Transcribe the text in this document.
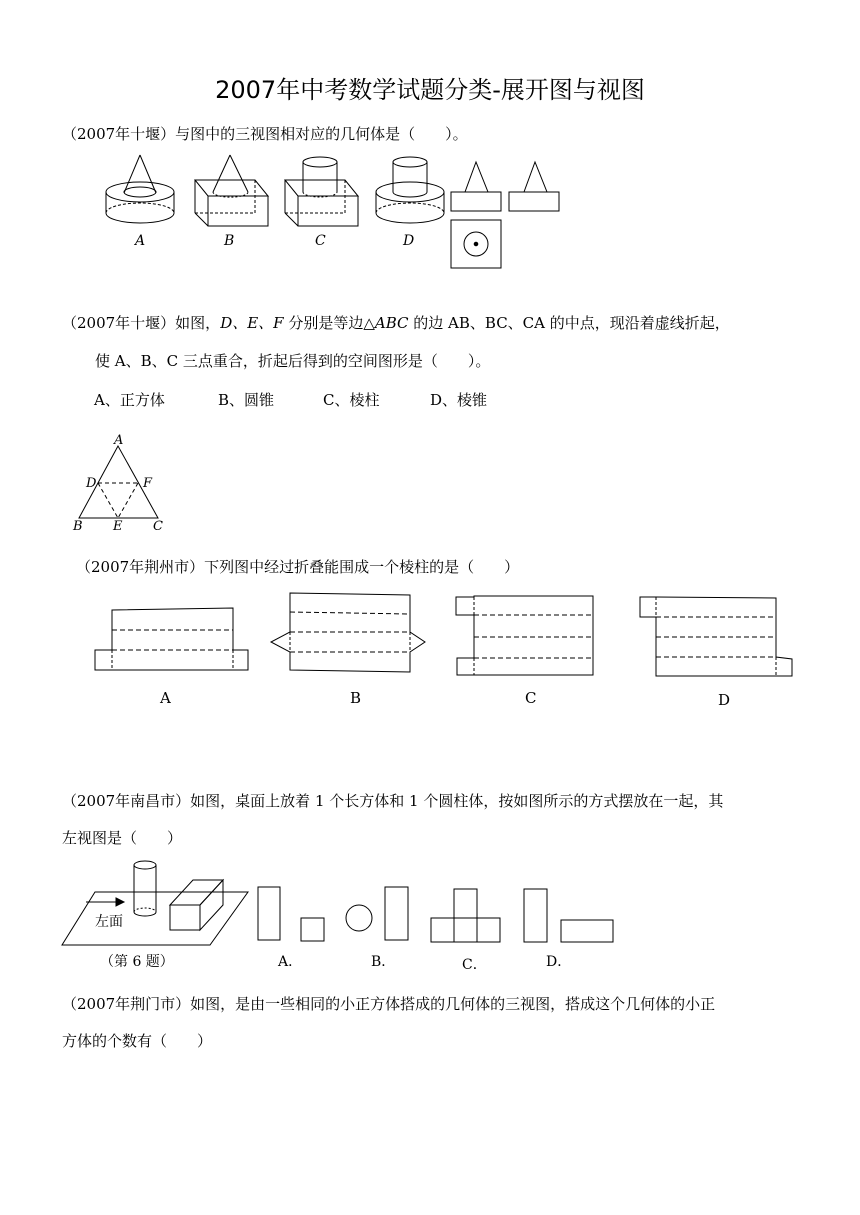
2007年中考数学试题分类-展开图与视图
（2007年十堰）与图中的三视图相对应的几何体是（　　）。
A	B	C	D
（2007年十堰）如图，D、E、F 分别是等边△ABC 的边 AB、BC、CA 的中点，现沿着虚线折起，
使 A、B、C 三点重合，折起后得到的空间图形是（　　）。
A、正方体	B、圆锥	C、棱柱	D、棱锥
A
D	F
B E C
（2007年荆州市）下列图中经过折叠能围成一个棱柱的是（　　）
A	B	C	D
（2007年南昌市）如图，桌面上放着 1 个长方体和 1 个圆柱体，按如图所示的方式摆放在一起，其
左视图是（　　）
左面
（第 6 题）	A．	B．	C．	D．
（2007年荆门市）如图，是由一些相同的小正方体搭成的几何体的三视图，搭成这个几何体的小正
方体的个数有（　　）
